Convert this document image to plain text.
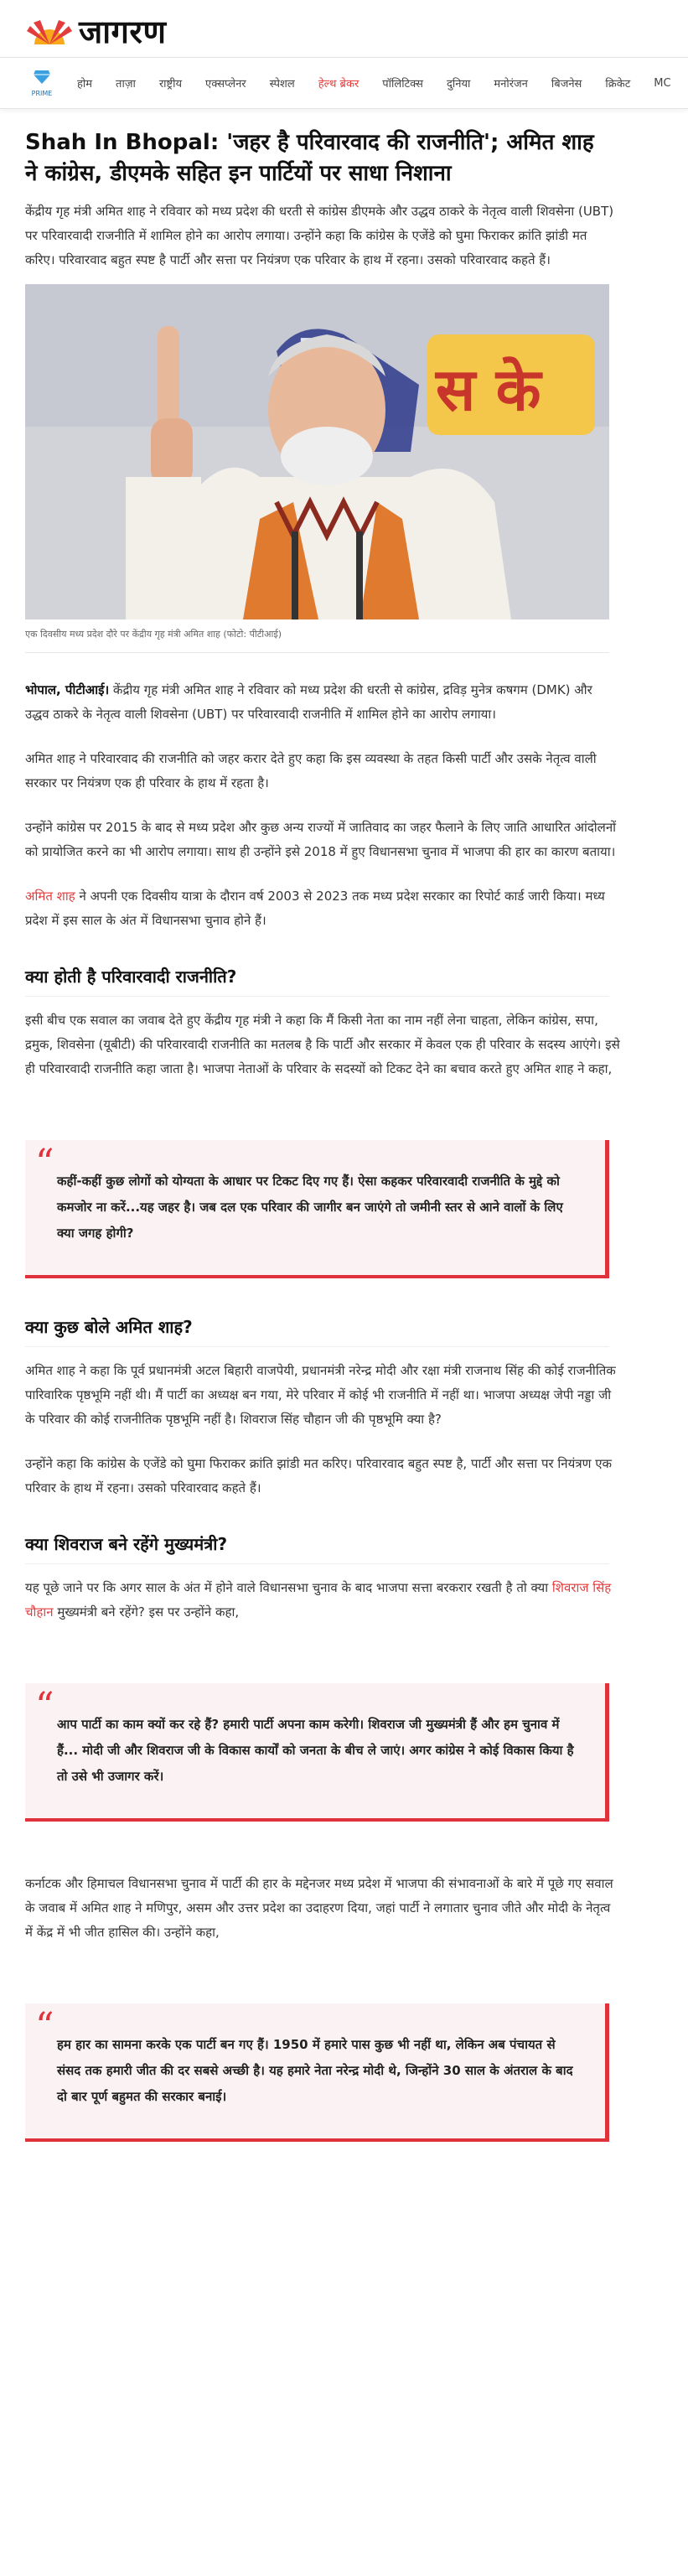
जागरण
PRIME
होम	ताज़ा	राष्ट्रीय	एक्सप्लेनर	स्पेशल	हेल्थ ब्रेकर	पॉलिटिक्स	दुनिया	मनोरंजन	बिजनेस	क्रिकेट	MC
Shah In Bhopal: 'जहर है परिवारवाद की राजनीति'; अमित शाह ने कांग्रेस, डीएमके सहित इन पार्टियों पर साधा निशाना

केंद्रीय गृह मंत्री अमित शाह ने रविवार को मध्य प्रदेश की धरती से कांग्रेस डीएमके और उद्धव ठाकरे के नेतृत्व वाली शिवसेना (UBT) पर परिवारवादी राजनीति में शामिल होने का आरोप लगाया। उन्होंने कहा कि कांग्रेस के एजेंडे को घुमा फिराकर क्रांति झांडी मत करिए। परिवारवाद बहुत स्पष्ट है पार्टी और सत्ता पर नियंत्रण एक परिवार के हाथ में रहना। उसको परिवारवाद कहते हैं।

स के
एक दिवसीय मध्य प्रदेश दौरे पर केंद्रीय गृह मंत्री अमित शाह (फोटो: पीटीआई)

भोपाल, पीटीआई। केंद्रीय गृह मंत्री अमित शाह ने रविवार को मध्य प्रदेश की धरती से कांग्रेस, द्रविड़ मुनेत्र कषगम (DMK) और उद्धव ठाकरे के नेतृत्व वाली शिवसेना (UBT) पर परिवारवादी राजनीति में शामिल होने का आरोप लगाया।

अमित शाह ने परिवारवाद की राजनीति को जहर करार देते हुए कहा कि इस व्यवस्था के तहत किसी पार्टी और उसके नेतृत्व वाली सरकार पर नियंत्रण एक ही परिवार के हाथ में रहता है।

उन्होंने कांग्रेस पर 2015 के बाद से मध्य प्रदेश और कुछ अन्य राज्यों में जातिवाद का जहर फैलाने के लिए जाति आधारित आंदोलनों को प्रायोजित करने का भी आरोप लगाया। साथ ही उन्होंने इसे 2018 में हुए विधानसभा चुनाव में भाजपा की हार का कारण बताया।

अमित शाह ने अपनी एक दिवसीय यात्रा के दौरान वर्ष 2003 से 2023 तक मध्य प्रदेश सरकार का रिपोर्ट कार्ड जारी किया। मध्य प्रदेश में इस साल के अंत में विधानसभा चुनाव होने हैं।

क्या होती है परिवारवादी राजनीति?

इसी बीच एक सवाल का जवाब देते हुए केंद्रीय गृह मंत्री ने कहा कि मैं किसी नेता का नाम नहीं लेना चाहता, लेकिन कांग्रेस, सपा, द्रमुक, शिवसेना (यूबीटी) की परिवारवादी राजनीति का मतलब है कि पार्टी और सरकार में केवल एक ही परिवार के सदस्य आएंगे। इसे ही परिवारवादी राजनीति कहा जाता है। भाजपा नेताओं के परिवार के सदस्यों को टिकट देने का बचाव करते हुए अमित शाह ने कहा,

“ कहीं-कहीं कुछ लोगों को योग्यता के आधार पर टिकट दिए गए हैं। ऐसा कहकर परिवारवादी राजनीति के मुद्दे को कमजोर ना करें...यह जहर है। जब दल एक परिवार की जागीर बन जाएंगे तो जमीनी स्तर से आने वालों के लिए क्या जगह होगी?

क्या कुछ बोले अमित शाह?

अमित शाह ने कहा कि पूर्व प्रधानमंत्री अटल बिहारी वाजपेयी, प्रधानमंत्री नरेन्द्र मोदी और रक्षा मंत्री राजनाथ सिंह की कोई राजनीतिक पारिवारिक पृष्ठभूमि नहीं थी। मैं पार्टी का अध्यक्ष बन गया, मेरे परिवार में कोई भी राजनीति में नहीं था। भाजपा अध्यक्ष जेपी नड्डा जी के परिवार की कोई राजनीतिक पृष्ठभूमि नहीं है। शिवराज सिंह चौहान जी की पृष्ठभूमि क्या है?

उन्होंने कहा कि कांग्रेस के एजेंडे को घुमा फिराकर क्रांति झांडी मत करिए। परिवारवाद बहुत स्पष्ट है, पार्टी और सत्ता पर नियंत्रण एक परिवार के हाथ में रहना। उसको परिवारवाद कहते हैं।

क्या शिवराज बने रहेंगे मुख्यमंत्री?

यह पूछे जाने पर कि अगर साल के अंत में होने वाले विधानसभा चुनाव के बाद भाजपा सत्ता बरकरार रखती है तो क्या शिवराज सिंह चौहान मुख्यमंत्री बने रहेंगे? इस पर उन्होंने कहा,

“ आप पार्टी का काम क्यों कर रहे हैं? हमारी पार्टी अपना काम करेगी। शिवराज जी मुख्यमंत्री हैं और हम चुनाव में हैं... मोदी जी और शिवराज जी के विकास कार्यों को जनता के बीच ले जाएं। अगर कांग्रेस ने कोई विकास किया है तो उसे भी उजागर करें।

कर्नाटक और हिमाचल विधानसभा चुनाव में पार्टी की हार के मद्देनजर मध्य प्रदेश में भाजपा की संभावनाओं के बारे में पूछे गए सवाल के जवाब में अमित शाह ने मणिपुर, असम और उत्तर प्रदेश का उदाहरण दिया, जहां पार्टी ने लगातार चुनाव जीते और मोदी के नेतृत्व में केंद्र में भी जीत हासिल की। उन्होंने कहा,

“ हम हार का सामना करके एक पार्टी बन गए हैं। 1950 में हमारे पास कुछ भी नहीं था, लेकिन अब पंचायत से संसद तक हमारी जीत की दर सबसे अच्छी है। यह हमारे नेता नरेन्द्र मोदी थे, जिन्होंने 30 साल के अंतराल के बाद दो बार पूर्ण बहुमत की सरकार बनाई।
